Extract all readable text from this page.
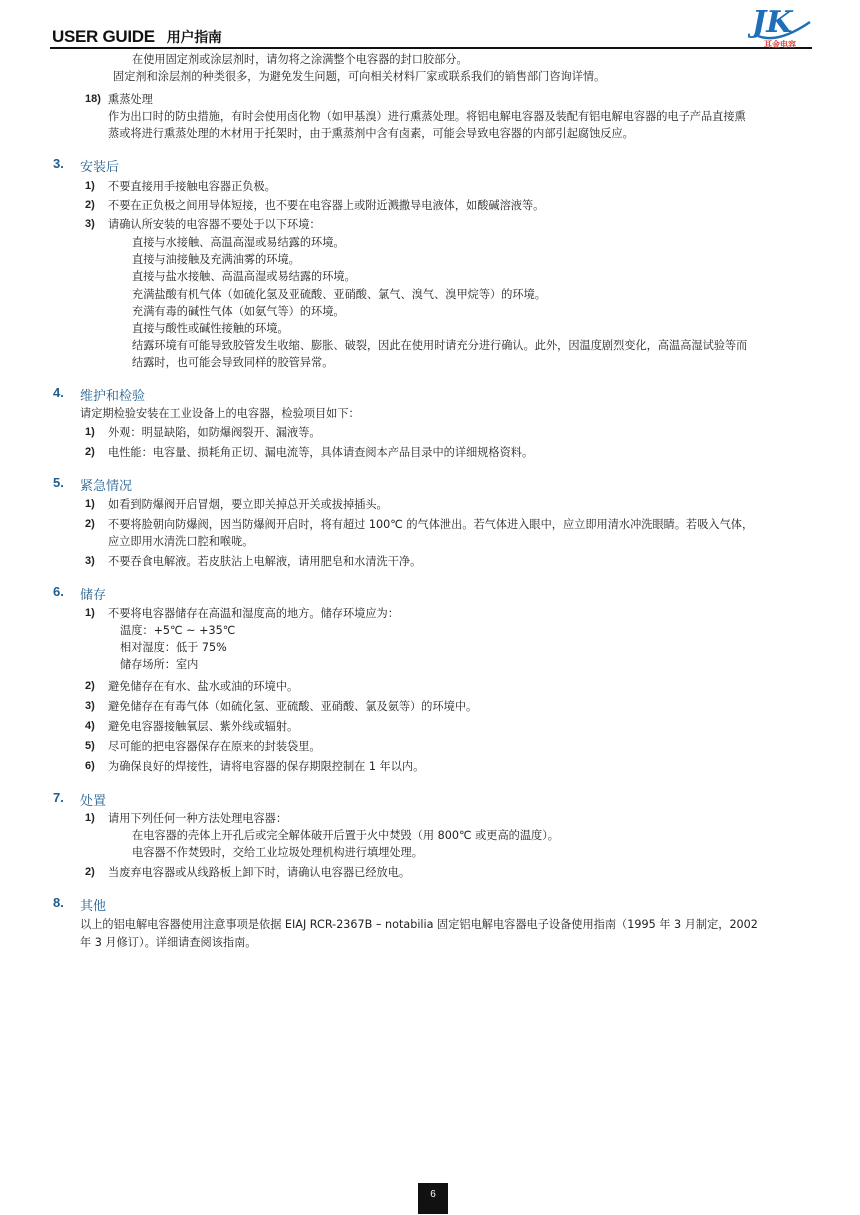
USER GUIDE 用户指南	JK
耳金电容
在使用固定剂或涂层剂时，请勿将之涂满整个电容器的封口胶部分。
固定剂和涂层剂的种类很多，为避免发生问题，可向相关材料厂家或联系我们的销售部门咨询详情。
18) 熏蒸处理
作为出口时的防虫措施，有时会使用卤化物（如甲基溴）进行熏蒸处理。将铝电解电容器及装配有铝电解电容器的电子产品直接熏
蒸或将进行熏蒸处理的木材用于托架时，由于熏蒸剂中含有卤素，可能会导致电容器的内部引起腐蚀反应。
3. 安装后
1) 不要直接用手接触电容器正负极。
2) 不要在正负极之间用导体短接，也不要在电容器上或附近溅撒导电液体，如酸碱溶液等。
3) 请确认所安装的电容器不要处于以下环境：
直接与水接触、高温高湿或易结露的环境。
直接与油接触及充满油雾的环境。
直接与盐水接触、高温高湿或易结露的环境。
充满盐酸有机气体（如硫化氢及亚硫酸、亚硝酸、氯气、溴气、溴甲烷等）的环境。
充满有毒的碱性气体（如氨气等）的环境。
直接与酸性或碱性接触的环境。
结露环境有可能导致胶管发生收缩、膨胀、破裂，因此在使用时请充分进行确认。此外，因温度剧烈变化，高温高湿试验等而
结露时，也可能会导致同样的胶管异常。
4. 维护和检验
请定期检验安装在工业设备上的电容器，检验项目如下：
1) 外观：明显缺陷，如防爆阀裂开、漏液等。
2) 电性能：电容量、损耗角正切、漏电流等，具体请查阅本产品目录中的详细规格资料。
5. 紧急情况
1) 如看到防爆阀开启冒烟，要立即关掉总开关或拔掉插头。
2) 不要将脸朝向防爆阀，因当防爆阀开启时，将有超过 100℃ 的气体泄出。若气体进入眼中，应立即用清水冲洗眼睛。若吸入气体，
应立即用水清洗口腔和喉咙。
3) 不要吞食电解液。若皮肤沾上电解液，请用肥皂和水清洗干净。
6. 储存
1) 不要将电容器储存在高温和湿度高的地方。储存环境应为：
温度：+5℃ ~ +35℃
相对湿度：低于 75%
储存场所：室内
2) 避免储存在有水、盐水或油的环境中。
3) 避免储存在有毒气体（如硫化氢、亚硫酸、亚硝酸、氯及氨等）的环境中。
4) 避免电容器接触氧层、紫外线或辐射。
5) 尽可能的把电容器保存在原来的封装袋里。
6) 为确保良好的焊接性，请将电容器的保存期限控制在 1 年以内。
7. 处置
1) 请用下列任何一种方法处理电容器：
在电容器的壳体上开孔后或完全解体破开后置于火中焚毁（用 800℃ 或更高的温度）。
电容器不作焚毁时，交给工业垃圾处理机构进行填埋处理。
2) 当废弃电容器或从线路板上卸下时，请确认电容器已经放电。
8. 其他
以上的铝电解电容器使用注意事项是依据 EIAJ RCR-2367B – notabilia 固定铝电解电容器电子设备使用指南（1995 年 3 月制定，2002
年 3 月修订）。详细请查阅该指南。
6
